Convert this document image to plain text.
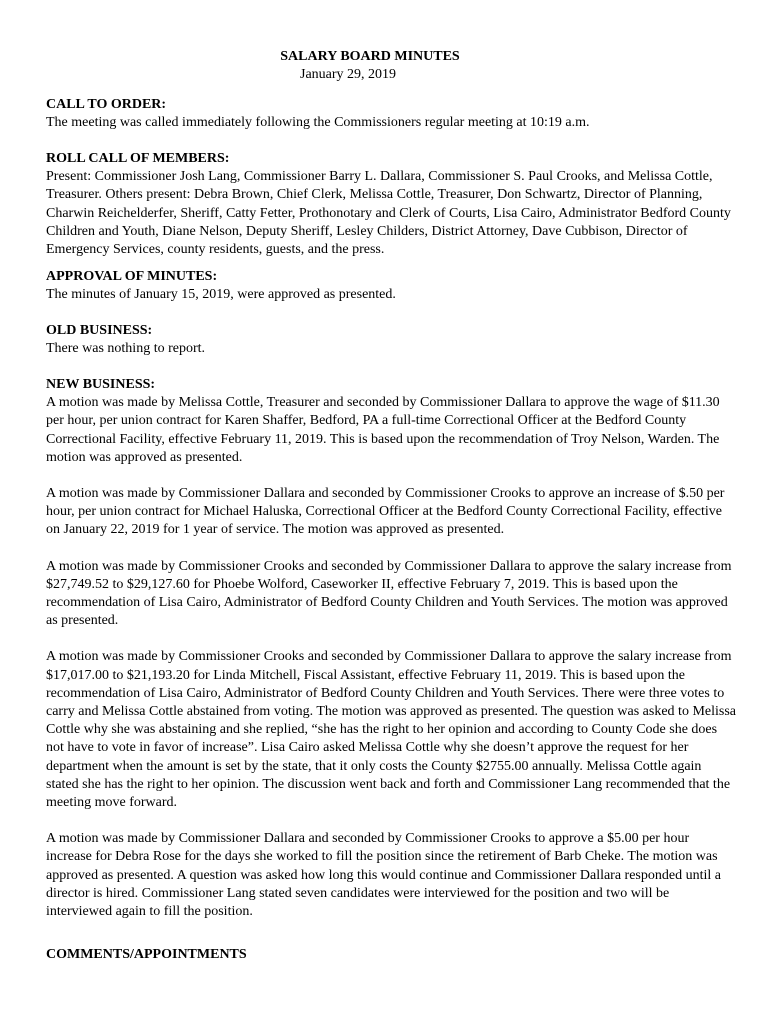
SALARY BOARD MINUTES
January 29, 2019
CALL TO ORDER:
The meeting was called immediately following the Commissioners regular meeting at 10:19 a.m.
ROLL CALL OF MEMBERS:
Present: Commissioner Josh Lang, Commissioner Barry L. Dallara, Commissioner S. Paul Crooks, and Melissa Cottle, Treasurer. Others present: Debra Brown, Chief Clerk, Melissa Cottle, Treasurer, Don Schwartz, Director of Planning, Charwin Reichelderfer, Sheriff, Catty Fetter, Prothonotary and Clerk of Courts, Lisa Cairo, Administrator Bedford County Children and Youth, Diane Nelson, Deputy Sheriff, Lesley Childers, District Attorney, Dave Cubbison, Director of Emergency Services, county residents, guests, and the press.
APPROVAL OF MINUTES:
The minutes of January 15, 2019, were approved as presented.
OLD BUSINESS:
There was nothing to report.
NEW BUSINESS:
A motion was made by Melissa Cottle, Treasurer and seconded by Commissioner Dallara to approve the wage of $11.30 per hour, per union contract for Karen Shaffer, Bedford, PA a full-time Correctional Officer at the Bedford County Correctional Facility, effective February 11, 2019. This is based upon the recommendation of Troy Nelson, Warden. The motion was approved as presented.
A motion was made by Commissioner Dallara and seconded by Commissioner Crooks to approve an increase of $.50 per hour, per union contract for Michael Haluska, Correctional Officer at the Bedford County Correctional Facility, effective on January 22, 2019 for 1 year of service. The motion was approved as presented.
A motion was made by Commissioner Crooks and seconded by Commissioner Dallara to approve the salary increase from $27,749.52 to $29,127.60 for Phoebe Wolford, Caseworker II, effective February 7, 2019. This is based upon the recommendation of Lisa Cairo, Administrator of Bedford County Children and Youth Services. The motion was approved as presented.
A motion was made by Commissioner Crooks and seconded by Commissioner Dallara to approve the salary increase from $17,017.00 to $21,193.20 for Linda Mitchell, Fiscal Assistant, effective February 11, 2019. This is based upon the recommendation of Lisa Cairo, Administrator of Bedford County Children and Youth Services. There were three votes to carry and Melissa Cottle abstained from voting. The motion was approved as presented. The question was asked to Melissa Cottle why she was abstaining and she replied, “she has the right to her opinion and according to County Code she does not have to vote in favor of increase”. Lisa Cairo asked Melissa Cottle why she doesn’t approve the request for her department when the amount is set by the state, that it only costs the County $2755.00 annually. Melissa Cottle again stated she has the right to her opinion. The discussion went back and forth and Commissioner Lang recommended that the meeting move forward.
A motion was made by Commissioner Dallara and seconded by Commissioner Crooks to approve a $5.00 per hour increase for Debra Rose for the days she worked to fill the position since the retirement of Barb Cheke. The motion was approved as presented. A question was asked how long this would continue and Commissioner Dallara responded until a director is hired. Commissioner Lang stated seven candidates were interviewed for the position and two will be interviewed again to fill the position.
COMMENTS/APPOINTMENTS
